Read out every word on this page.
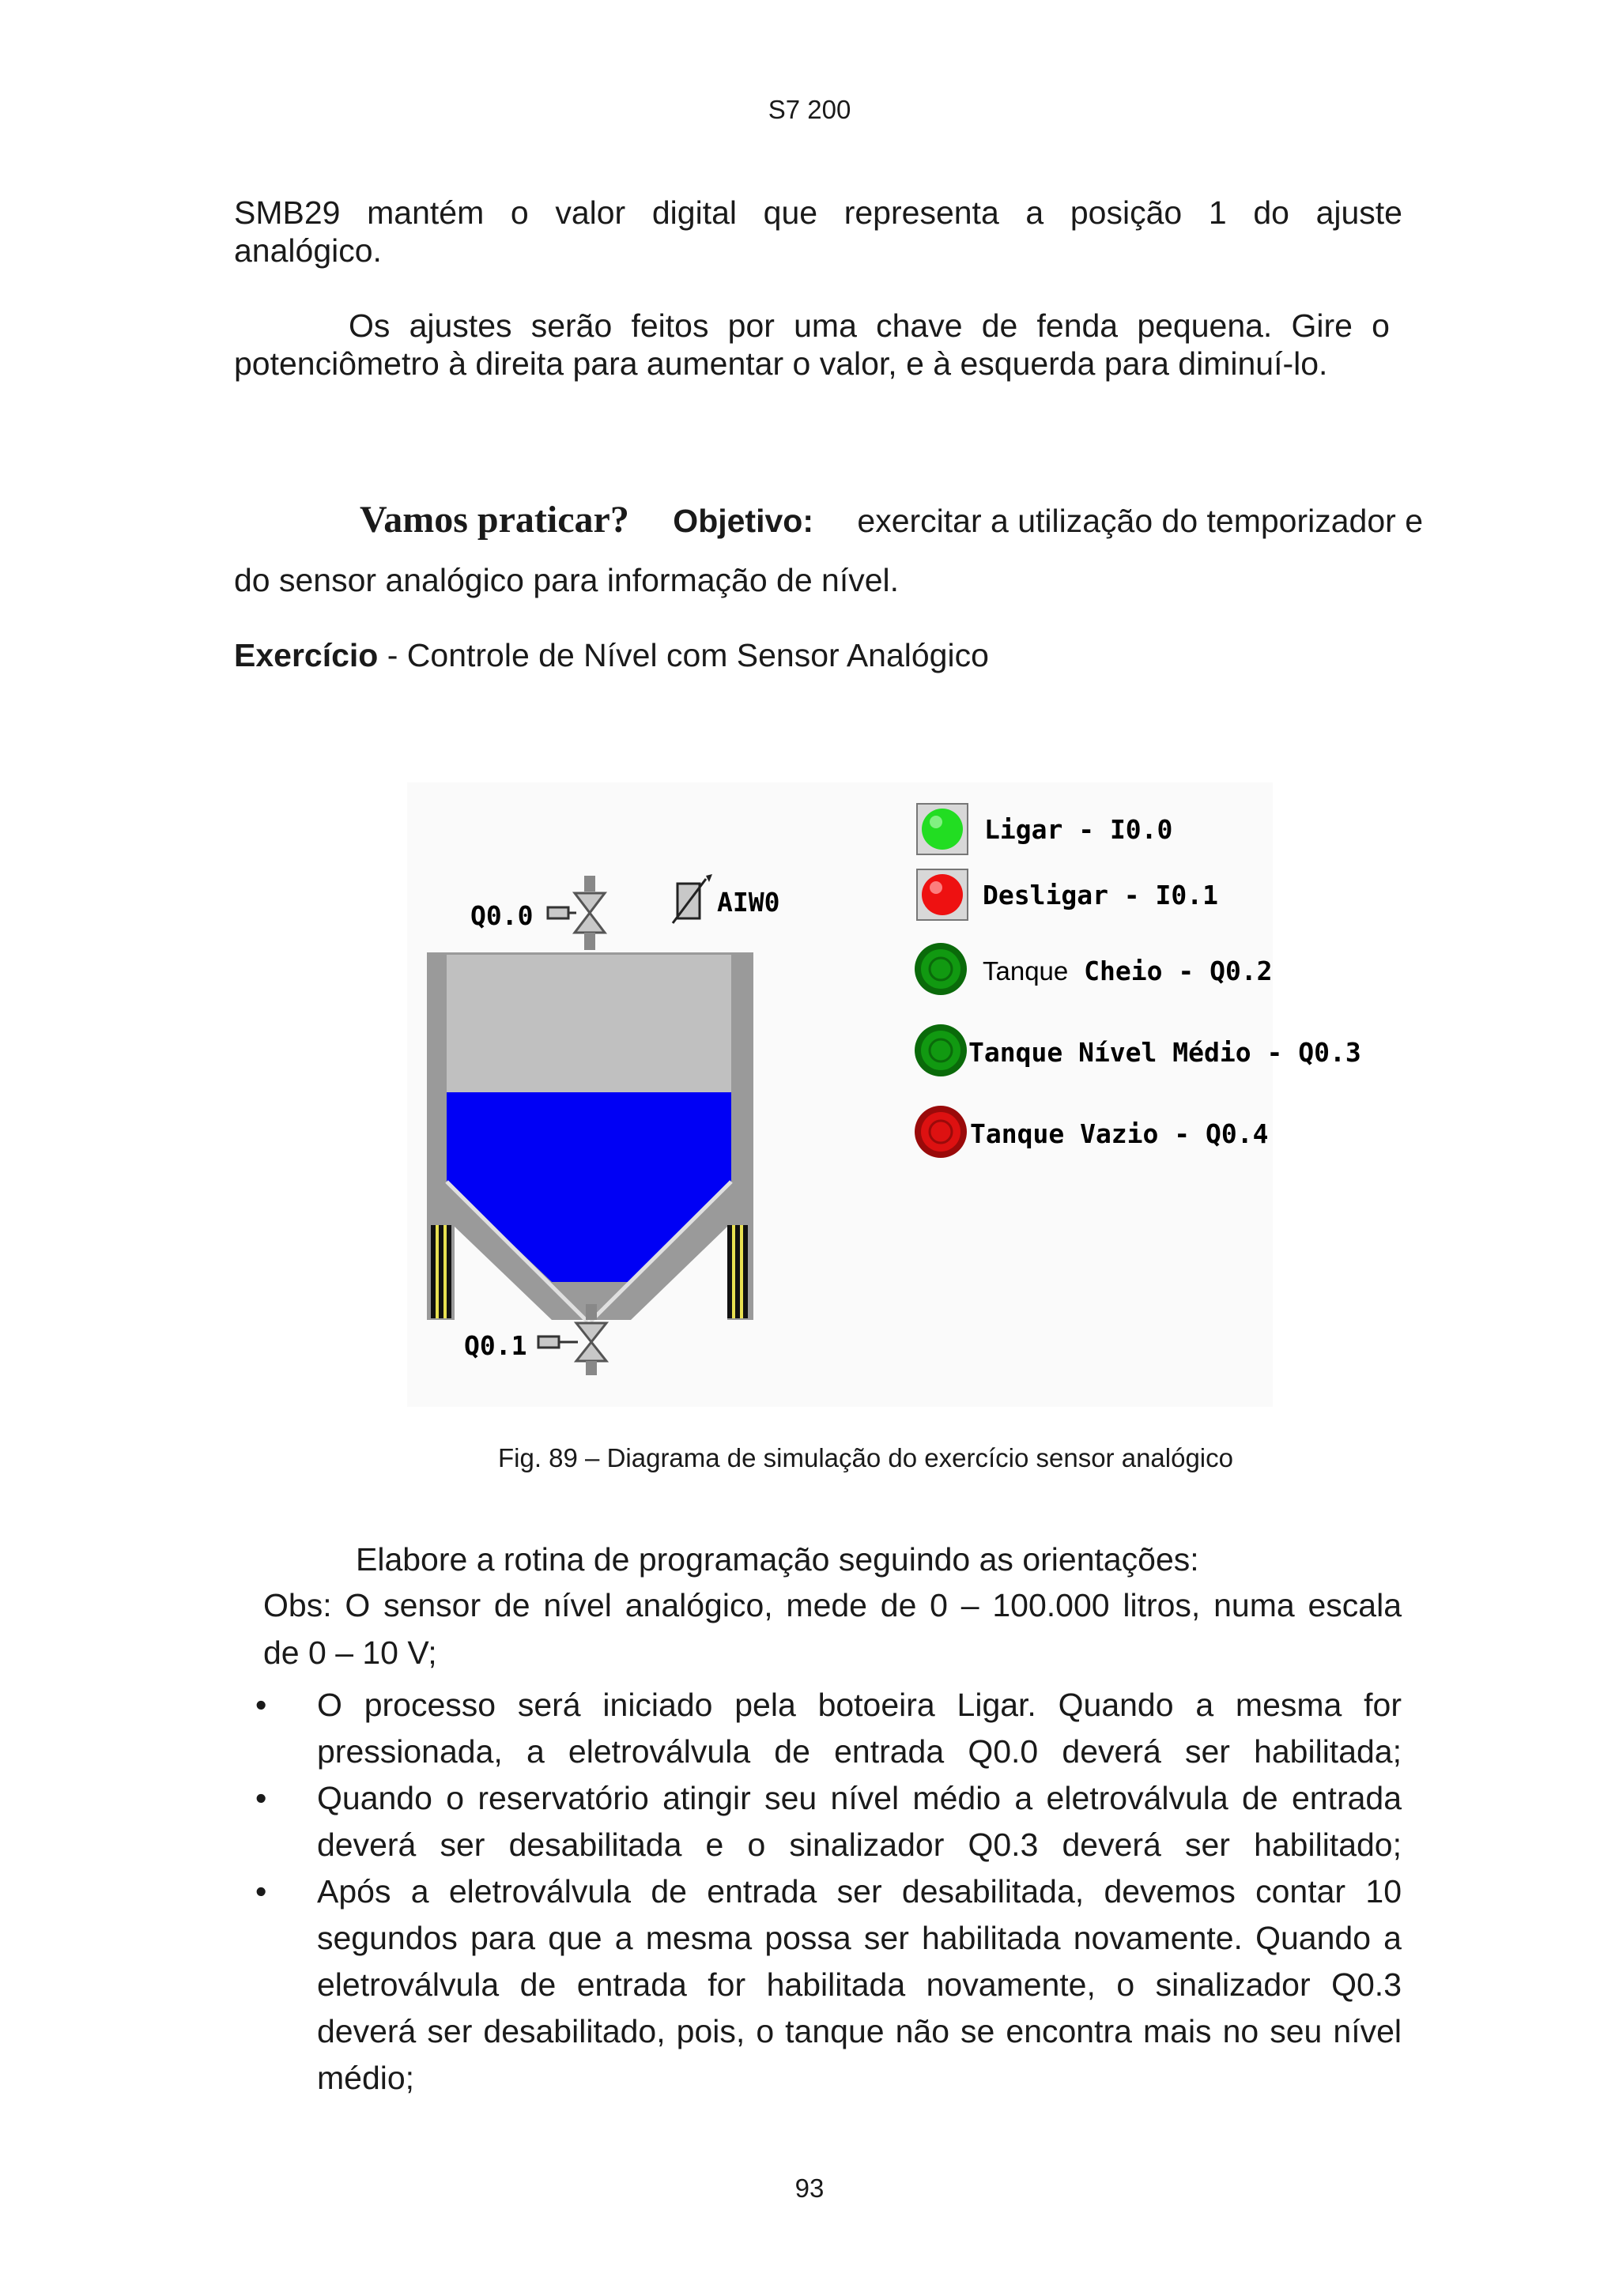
S7 200
SMB29 mantém o valor digital que representa a posição 1 do ajuste
analógico.
Os ajustes serão feitos por uma chave de fenda pequena. Gire o
potenciômetro à direita para aumentar o valor, e à esquerda para diminuí-lo.
Vamos praticar? Objetivo: exercitar a utilização do temporizador e
do sensor analógico para informação de nível.
Exercício - Controle de Nível com Sensor Analógico
Q0.0	AIW0
Q0.1
Ligar - I0.0
Desligar - I0.1
Tanque Cheio - Q0.2
Tanque Nível Médio - Q0.3
Tanque Vazio - Q0.4
Fig. 89 – Diagrama de simulação do exercício sensor analógico
Elabore a rotina de programação seguindo as orientações:
Obs: O sensor de nível analógico, mede de 0 – 100.000 litros, numa escala
de 0 – 10 V;
• O processo será iniciado pela botoeira Ligar. Quando a mesma for
pressionada, a eletroválvula de entrada Q0.0 deverá ser habilitada;
• Quando o reservatório atingir seu nível médio a eletroválvula de entrada
deverá ser desabilitada e o sinalizador Q0.3 deverá ser habilitado;
• Após a eletroválvula de entrada ser desabilitada, devemos contar 10
segundos para que a mesma possa ser habilitada novamente. Quando a
eletroválvula de entrada for habilitada novamente, o sinalizador Q0.3
deverá ser desabilitado, pois, o tanque não se encontra mais no seu nível
médio;
93
